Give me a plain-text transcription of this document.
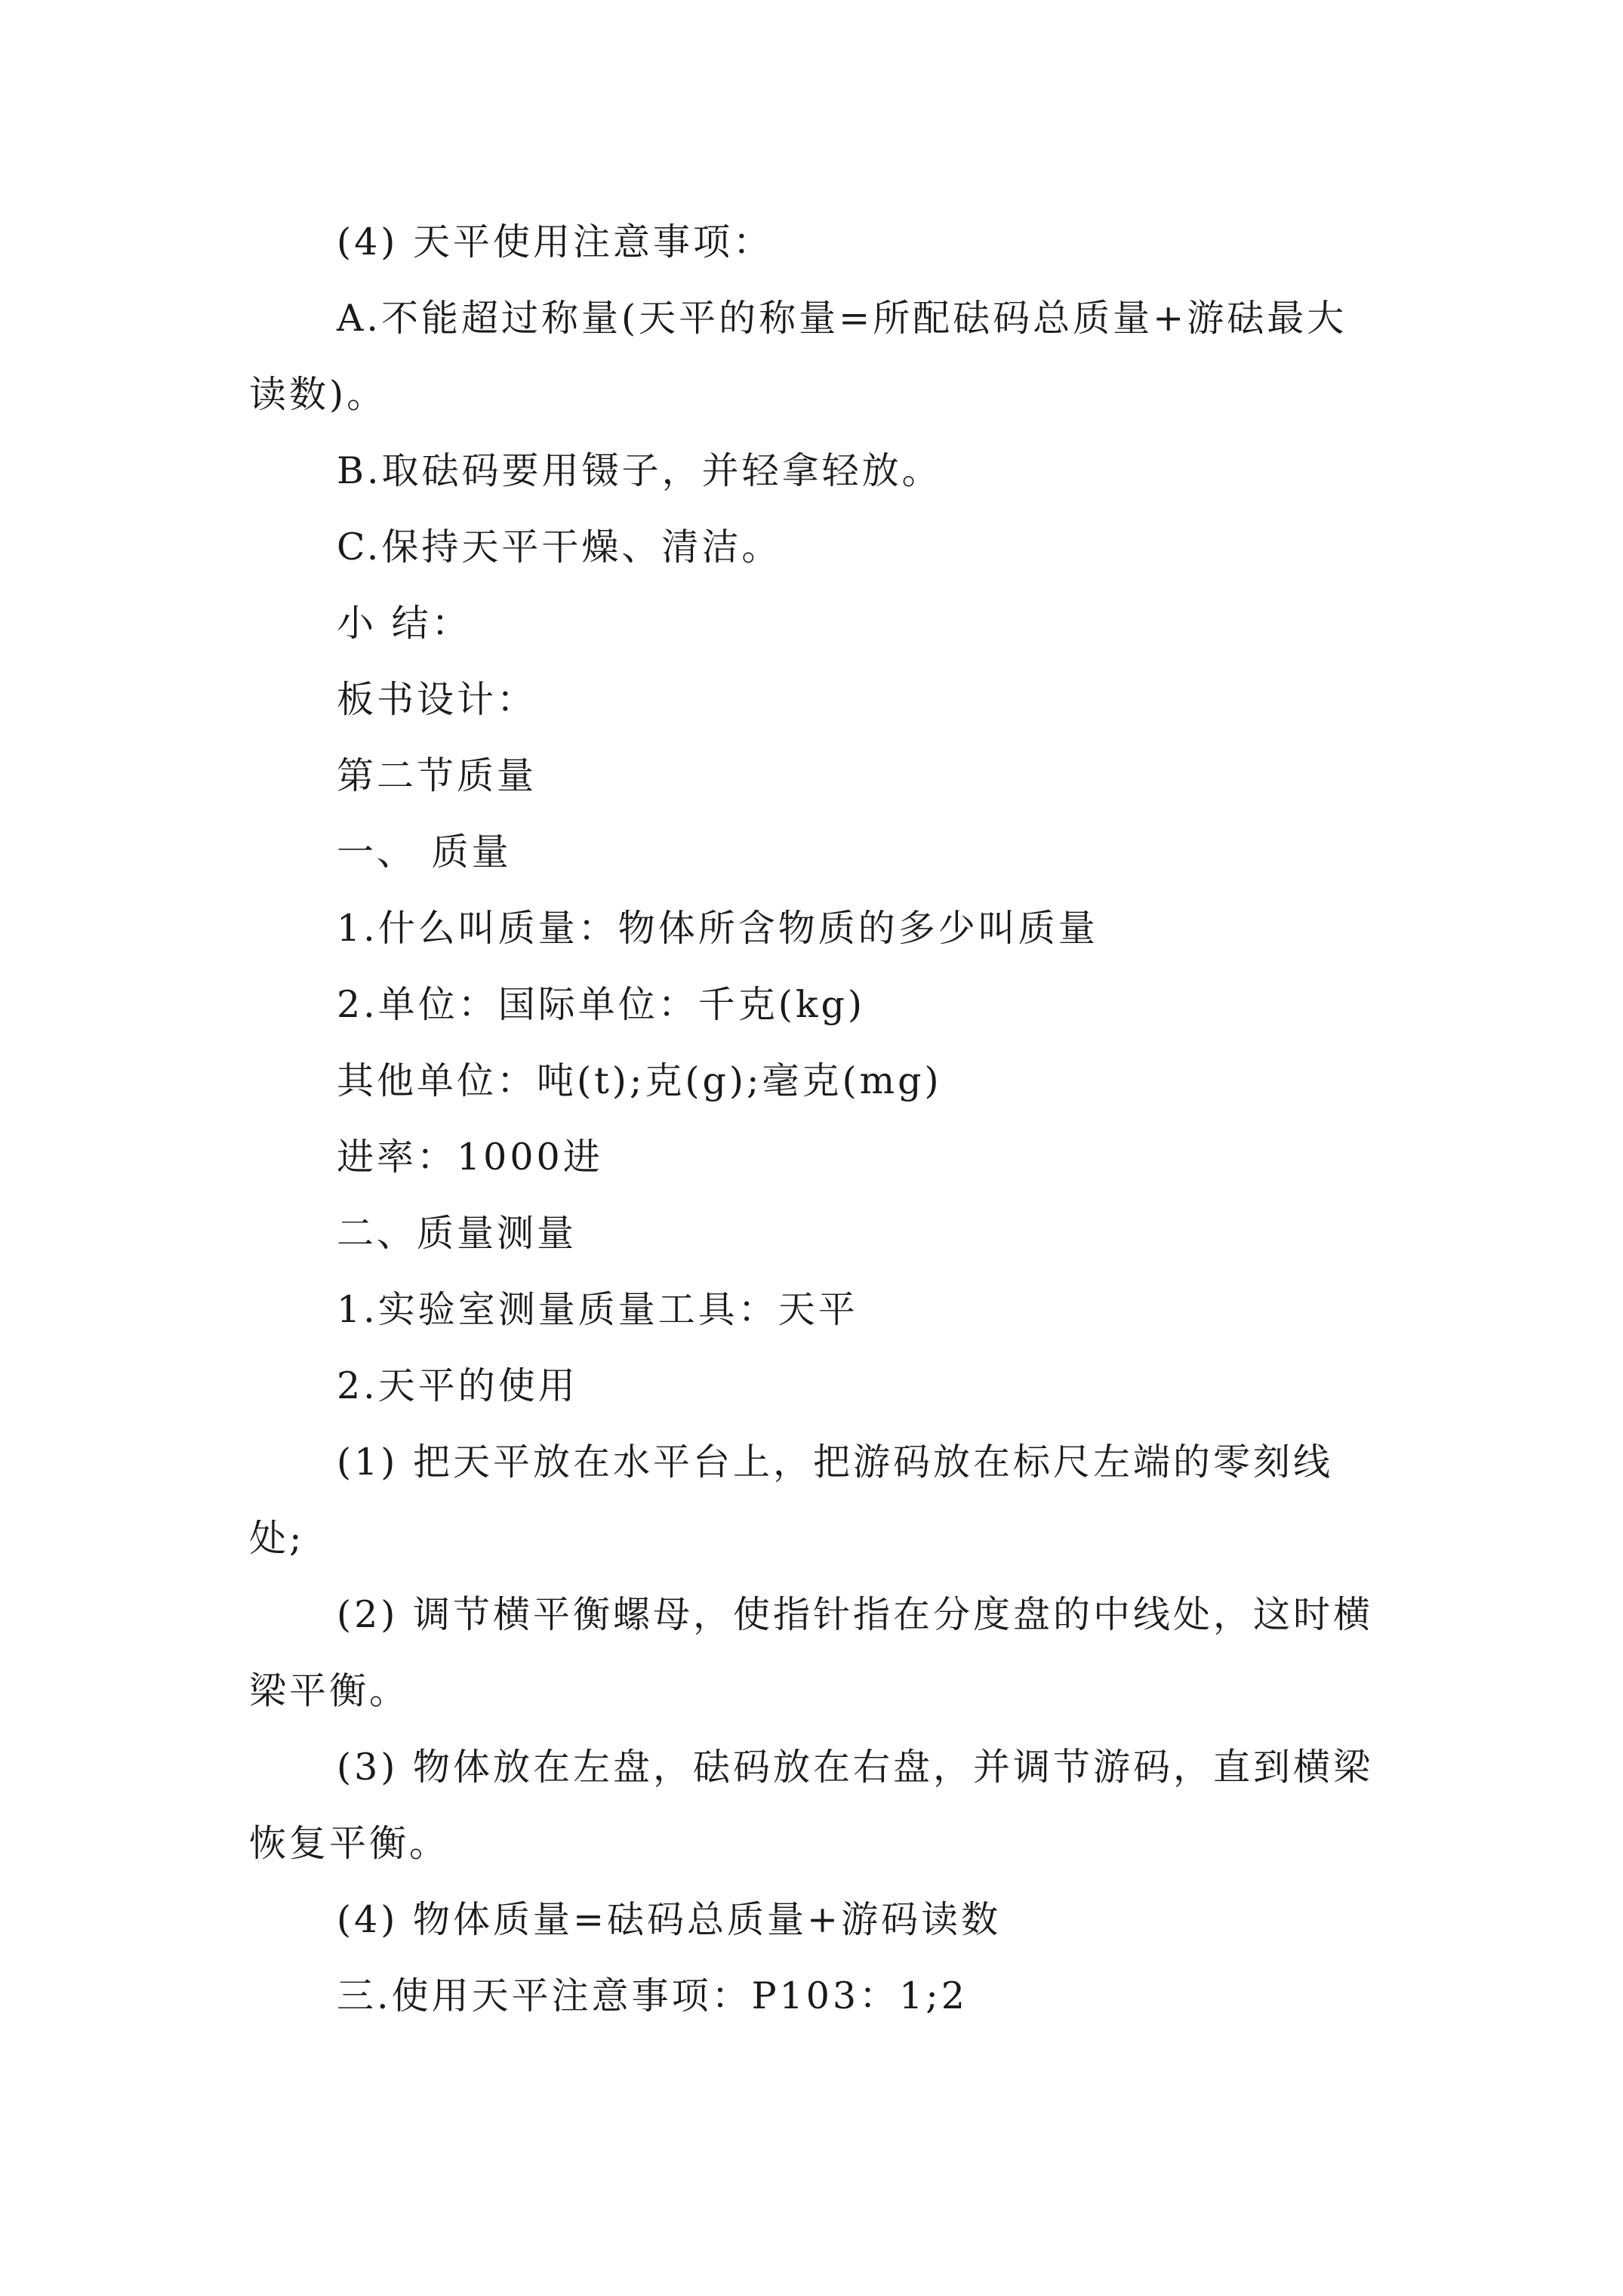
(4) 天平使用注意事项：

A.不能超过称量(天平的称量=所配砝码总质量+游砝最大读数)。

B.取砝码要用镊子，并轻拿轻放。

C.保持天平干燥、清洁。

小 结：

板书设计：

第二节质量

一、 质量

1.什么叫质量：物体所含物质的多少叫质量

2.单位：国际单位：千克(kg)

其他单位：吨(t);克(g);毫克(mg)

进率：1000进

二、质量测量

1.实验室测量质量工具：天平

2.天平的使用

(1) 把天平放在水平台上，把游码放在标尺左端的零刻线处;

(2) 调节横平衡螺母，使指针指在分度盘的中线处，这时横梁平衡。

(3) 物体放在左盘，砝码放在右盘，并调节游码，直到横梁恢复平衡。

(4) 物体质量=砝码总质量+游码读数

三.使用天平注意事项：P103：1;2
